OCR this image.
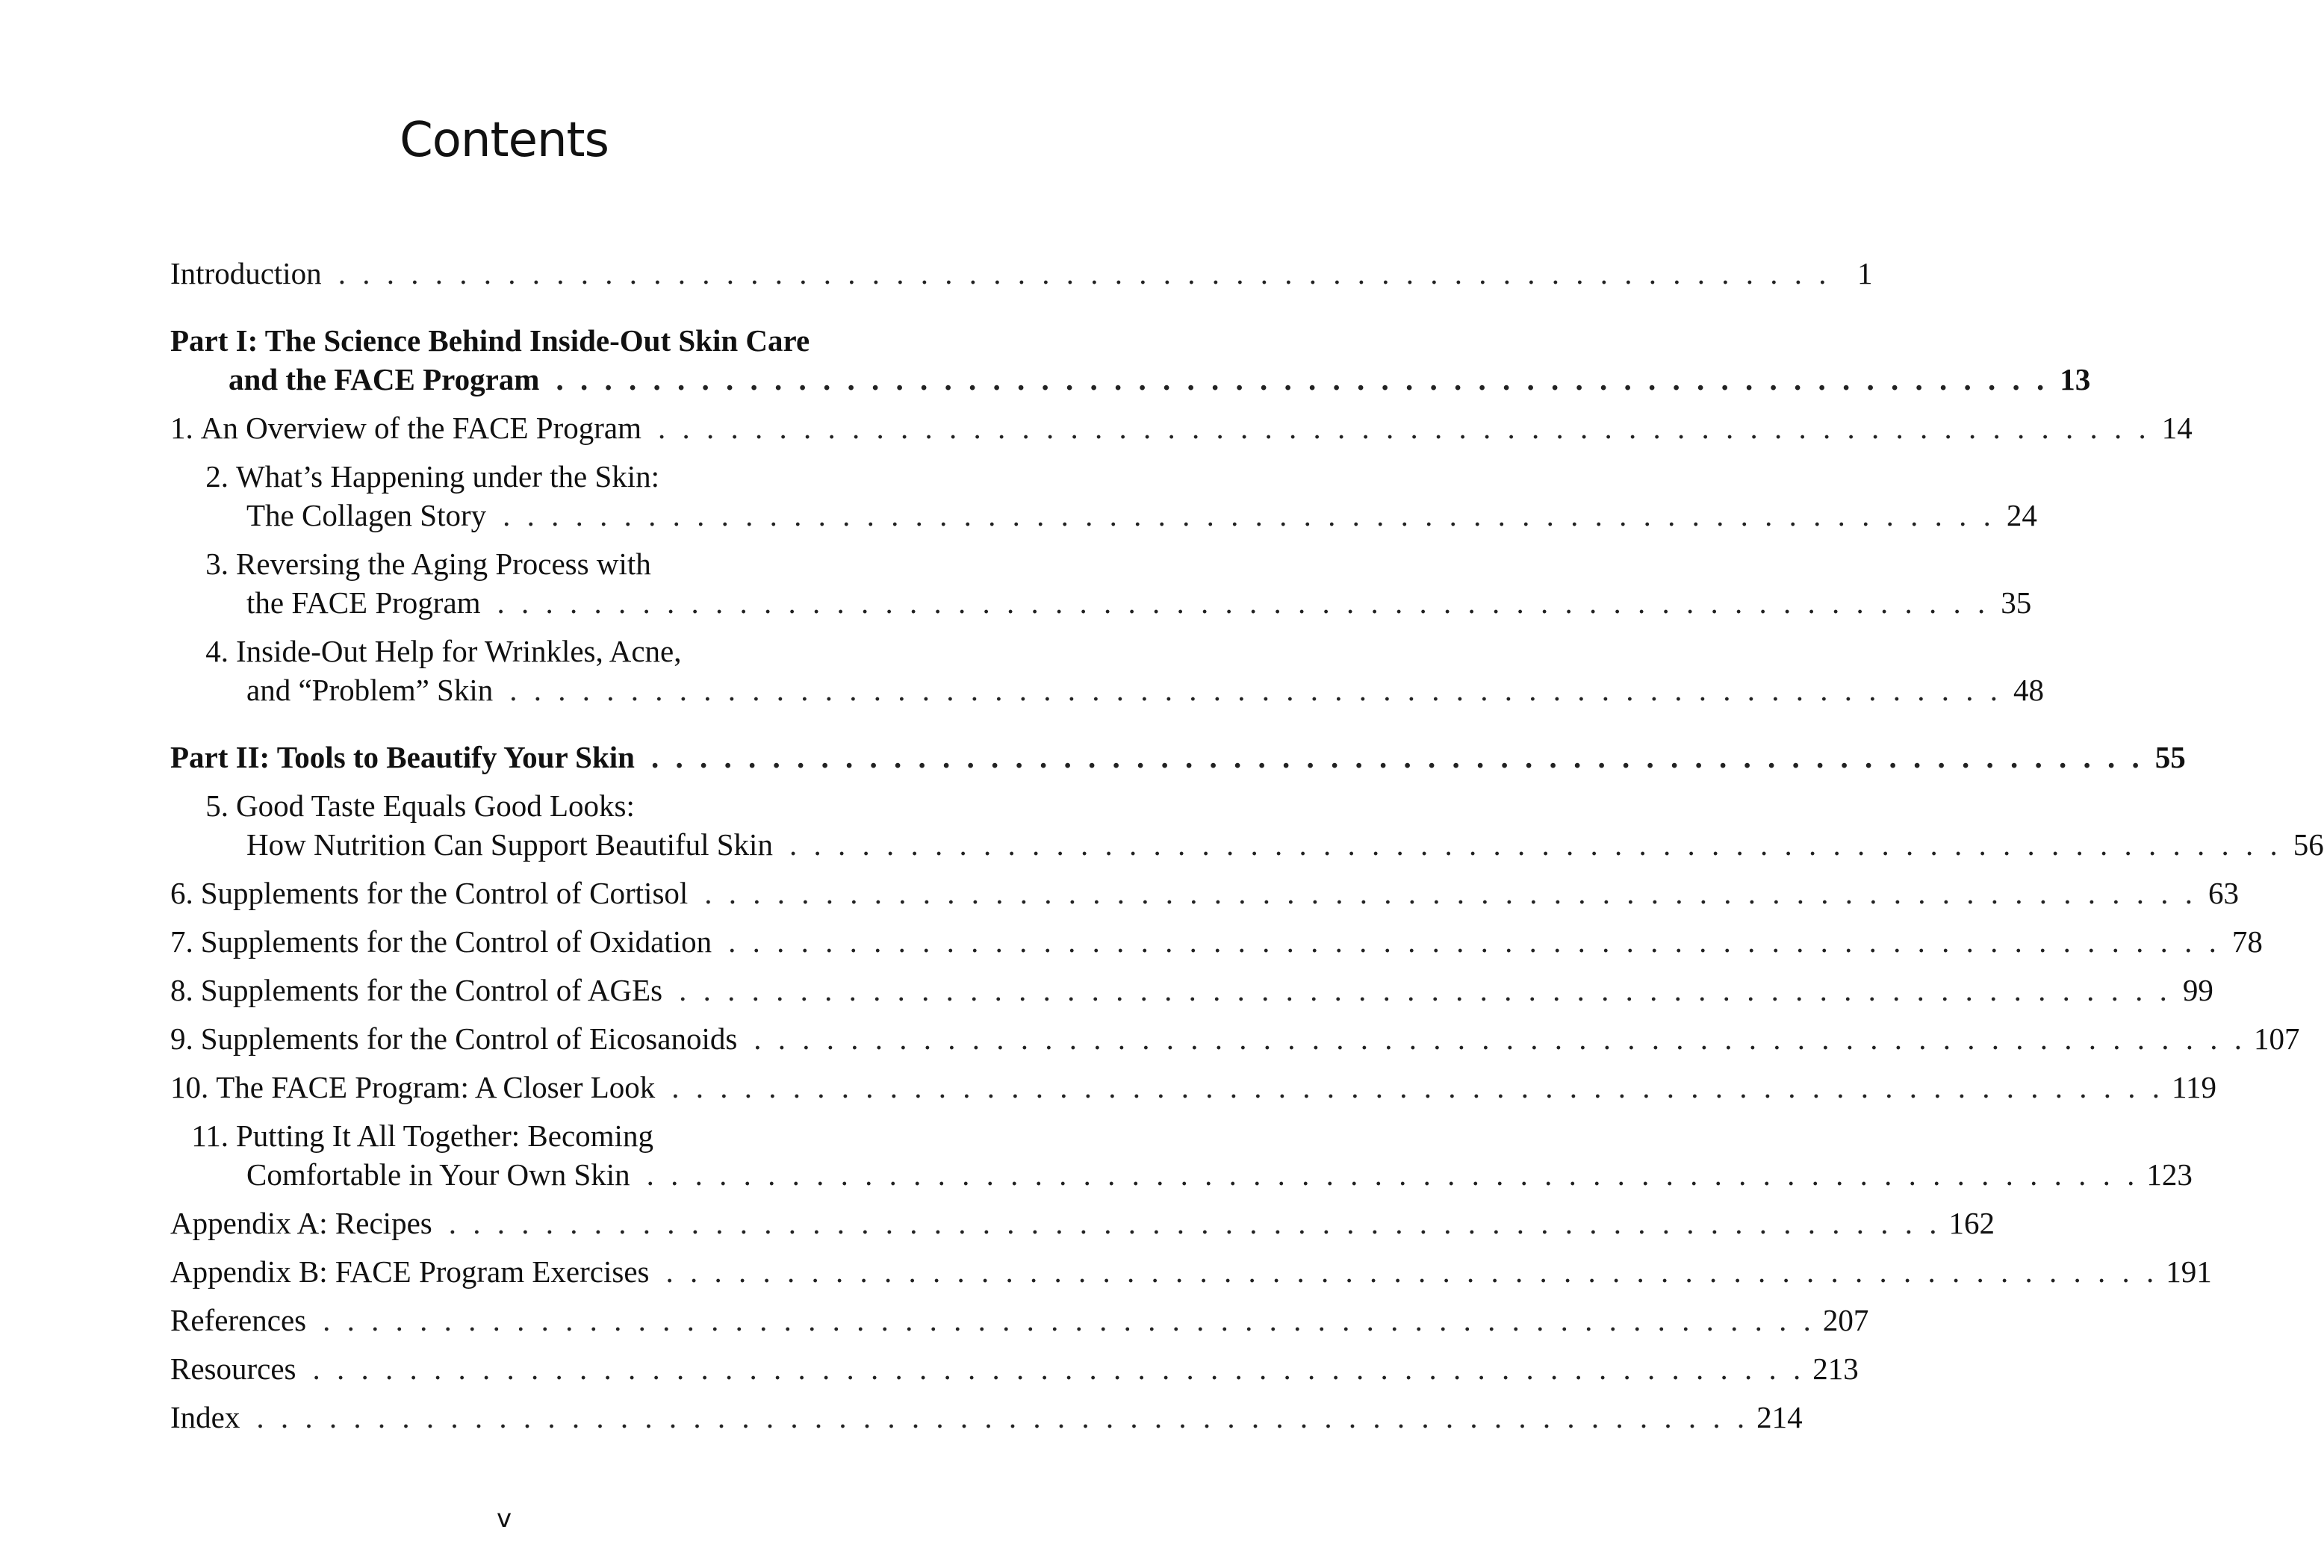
Contents
Introduction . . . . . . . . . . . . . . . . . . . . . . . . . . . . . . . . . . . . . . . . . . . . . . . . . . . . . . . . . . . . . . 1
Part I: The Science Behind Inside-Out Skin Care
and the FACE Program . . . . . . . . . . . . . . . . . . . . . . . . . . . . . . . . . . . . . . . . . . . . . . . . . . . . . . . . . . . . . . 13
1. An Overview of the FACE Program . . . . . . . . . . . . . . . . . . . . . . . . . . . . . . . . . . . . . . . . . . . . . . . . . . . . . . . . . . . . . . 14
2. What’s Happening under the Skin:
The Collagen Story . . . . . . . . . . . . . . . . . . . . . . . . . . . . . . . . . . . . . . . . . . . . . . . . . . . . . . . . . . . . . . 24
3. Reversing the Aging Process with
the FACE Program . . . . . . . . . . . . . . . . . . . . . . . . . . . . . . . . . . . . . . . . . . . . . . . . . . . . . . . . . . . . . . 35
4. Inside-Out Help for Wrinkles, Acne,
and “Problem” Skin . . . . . . . . . . . . . . . . . . . . . . . . . . . . . . . . . . . . . . . . . . . . . . . . . . . . . . . . . . . . . . 48
Part II: Tools to Beautify Your Skin . . . . . . . . . . . . . . . . . . . . . . . . . . . . . . . . . . . . . . . . . . . . . . . . . . . . . . . . . . . . . . 55
5. Good Taste Equals Good Looks:
How Nutrition Can Support Beautiful Skin . . . . . . . . . . . . . . . . . . . . . . . . . . . . . . . . . . . . . . . . . . . . . . . . . . . . . . . . . . . . . . 56
6. Supplements for the Control of Cortisol . . . . . . . . . . . . . . . . . . . . . . . . . . . . . . . . . . . . . . . . . . . . . . . . . . . . . . . . . . . . . . 63
7. Supplements for the Control of Oxidation . . . . . . . . . . . . . . . . . . . . . . . . . . . . . . . . . . . . . . . . . . . . . . . . . . . . . . . . . . . . . . 78
8. Supplements for the Control of AGEs . . . . . . . . . . . . . . . . . . . . . . . . . . . . . . . . . . . . . . . . . . . . . . . . . . . . . . . . . . . . . . 99
9. Supplements for the Control of Eicosanoids . . . . . . . . . . . . . . . . . . . . . . . . . . . . . . . . . . . . . . . . . . . . . . . . . . . . . . . . . . . . . . 107
10. The FACE Program: A Closer Look . . . . . . . . . . . . . . . . . . . . . . . . . . . . . . . . . . . . . . . . . . . . . . . . . . . . . . . . . . . . . . 119
11. Putting It All Together: Becoming
Comfortable in Your Own Skin . . . . . . . . . . . . . . . . . . . . . . . . . . . . . . . . . . . . . . . . . . . . . . . . . . . . . . . . . . . . . . 123
Appendix A: Recipes . . . . . . . . . . . . . . . . . . . . . . . . . . . . . . . . . . . . . . . . . . . . . . . . . . . . . . . . . . . . . . 162
Appendix B: FACE Program Exercises . . . . . . . . . . . . . . . . . . . . . . . . . . . . . . . . . . . . . . . . . . . . . . . . . . . . . . . . . . . . . . 191
References . . . . . . . . . . . . . . . . . . . . . . . . . . . . . . . . . . . . . . . . . . . . . . . . . . . . . . . . . . . . . . 207
Resources . . . . . . . . . . . . . . . . . . . . . . . . . . . . . . . . . . . . . . . . . . . . . . . . . . . . . . . . . . . . . . 213
Index . . . . . . . . . . . . . . . . . . . . . . . . . . . . . . . . . . . . . . . . . . . . . . . . . . . . . . . . . . . . . . 214
v
